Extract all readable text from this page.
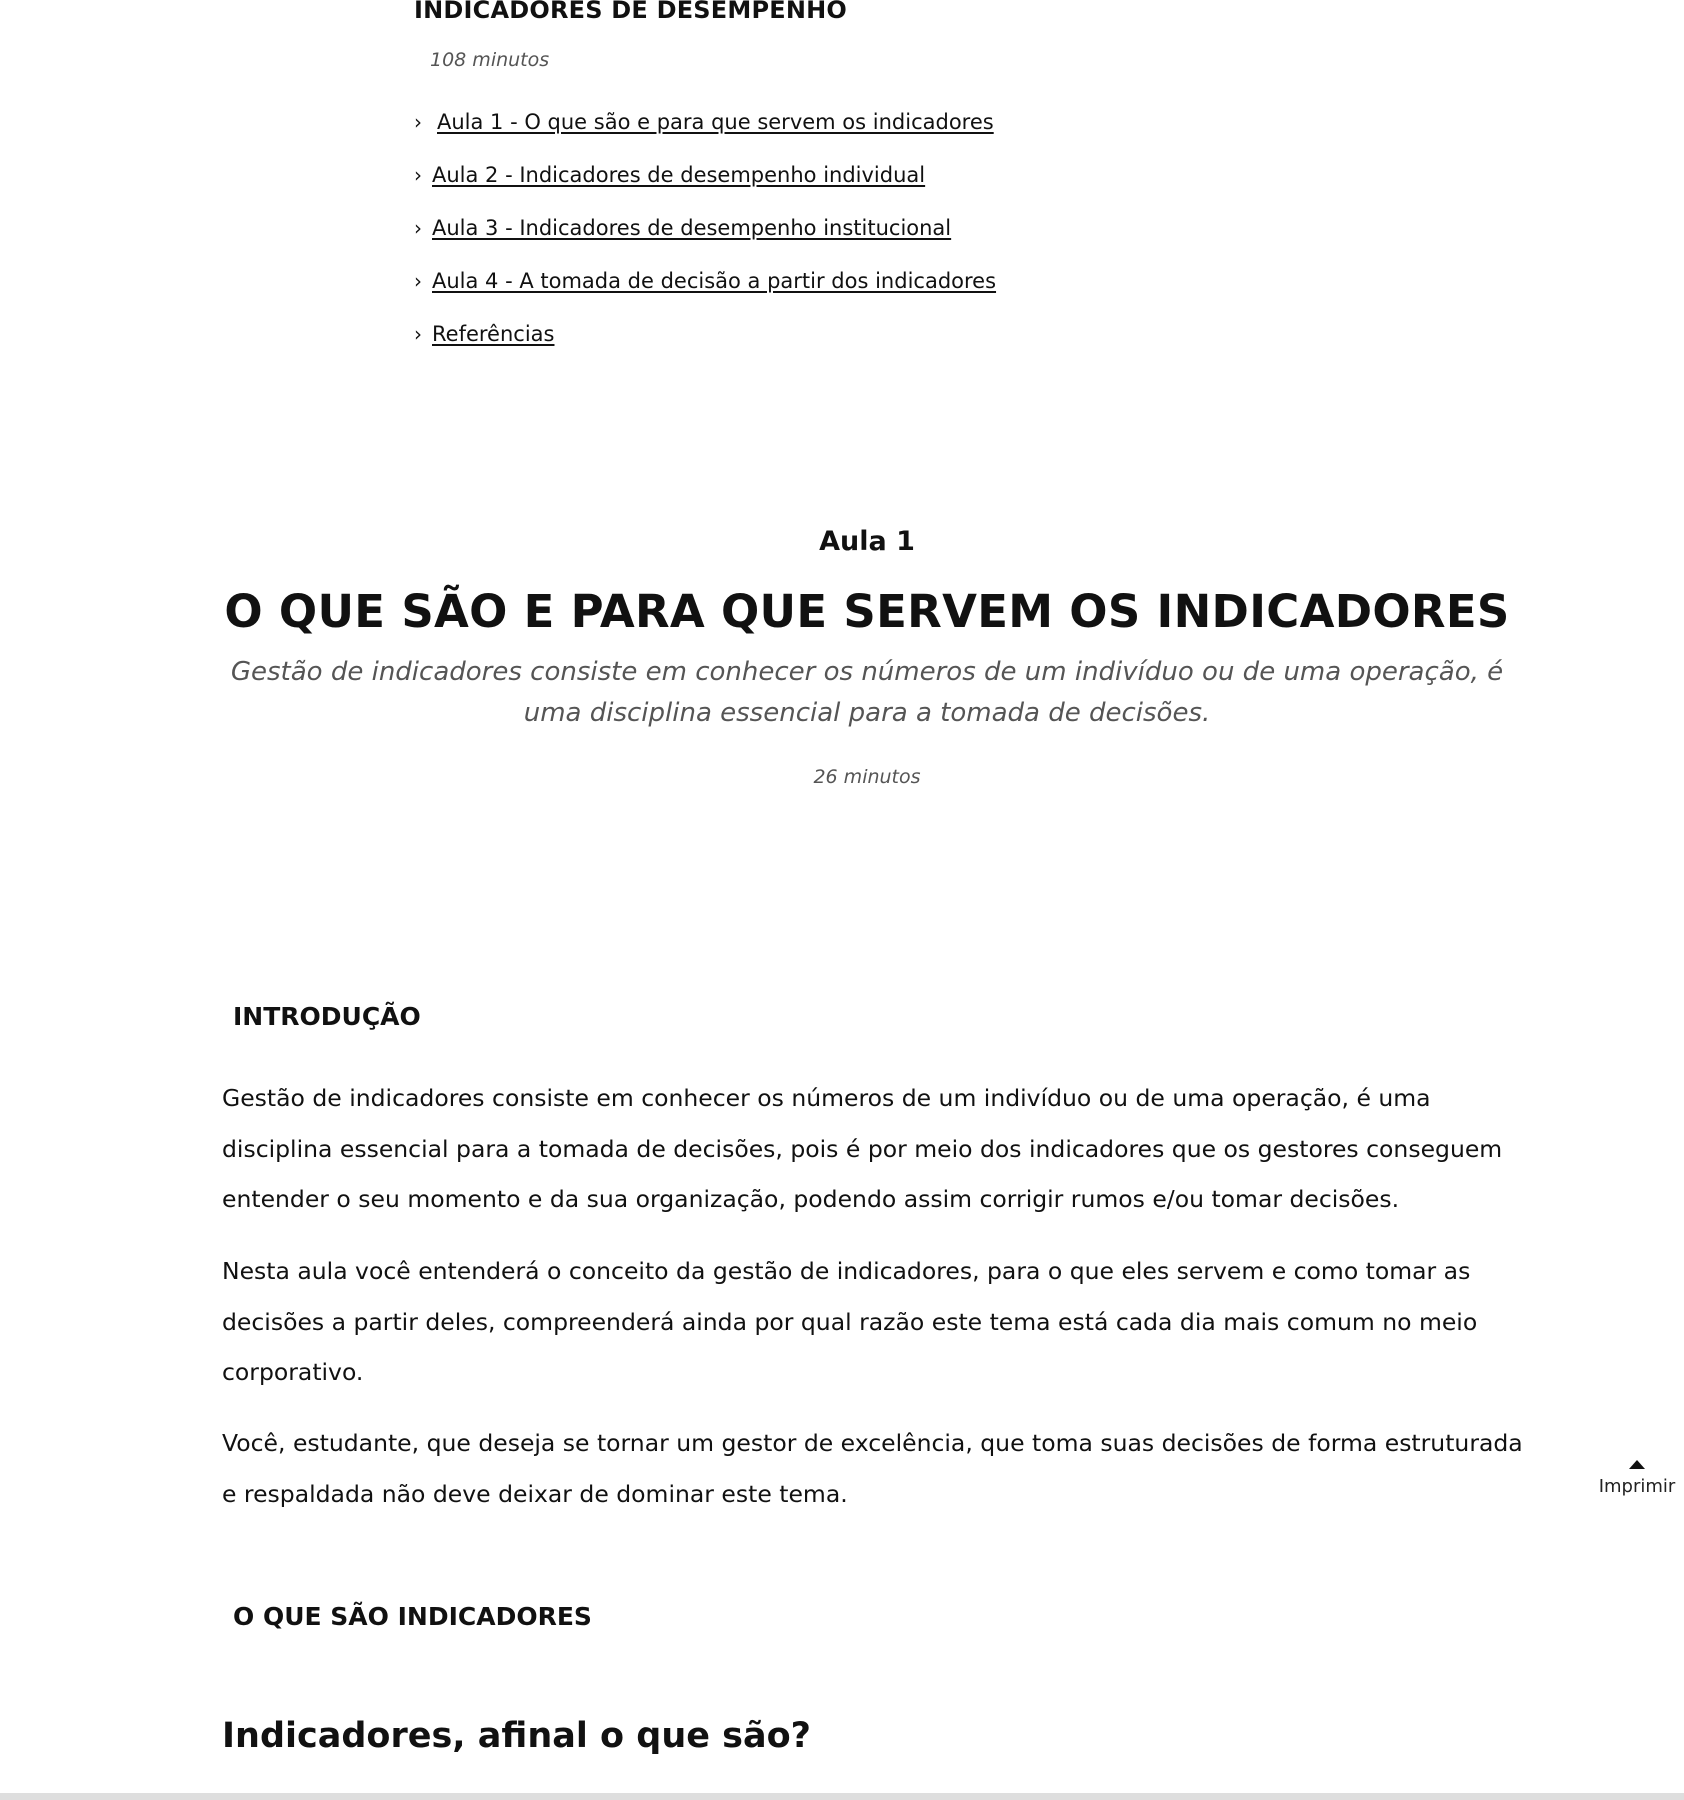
INDICADORES DE DESEMPENHO
108 minutos
› Aula 1 - O que são e para que servem os indicadores
› Aula 2 - Indicadores de desempenho individual
› Aula 3 - Indicadores de desempenho institucional
› Aula 4 - A tomada de decisão a partir dos indicadores
› Referências
Aula 1
O QUE SÃO E PARA QUE SERVEM OS INDICADORES
Gestão de indicadores consiste em conhecer os números de um indivíduo ou de uma operação, é uma disciplina essencial para a tomada de decisões.
26 minutos
INTRODUÇÃO

Gestão de indicadores consiste em conhecer os números de um indivíduo ou de uma operação, é uma disciplina essencial para a tomada de decisões, pois é por meio dos indicadores que os gestores conseguem entender o seu momento e da sua organização, podendo assim corrigir rumos e/ou tomar decisões.

Nesta aula você entenderá o conceito da gestão de indicadores, para o que eles servem e como tomar as decisões a partir deles, compreenderá ainda por qual razão este tema está cada dia mais comum no meio corporativo.

Você, estudante, que deseja se tornar um gestor de excelência, que toma suas decisões de forma estruturada e respaldada não deve deixar de dominar este tema.

O QUE SÃO INDICADORES
Indicadores, afinal o que são?
Imprimir
